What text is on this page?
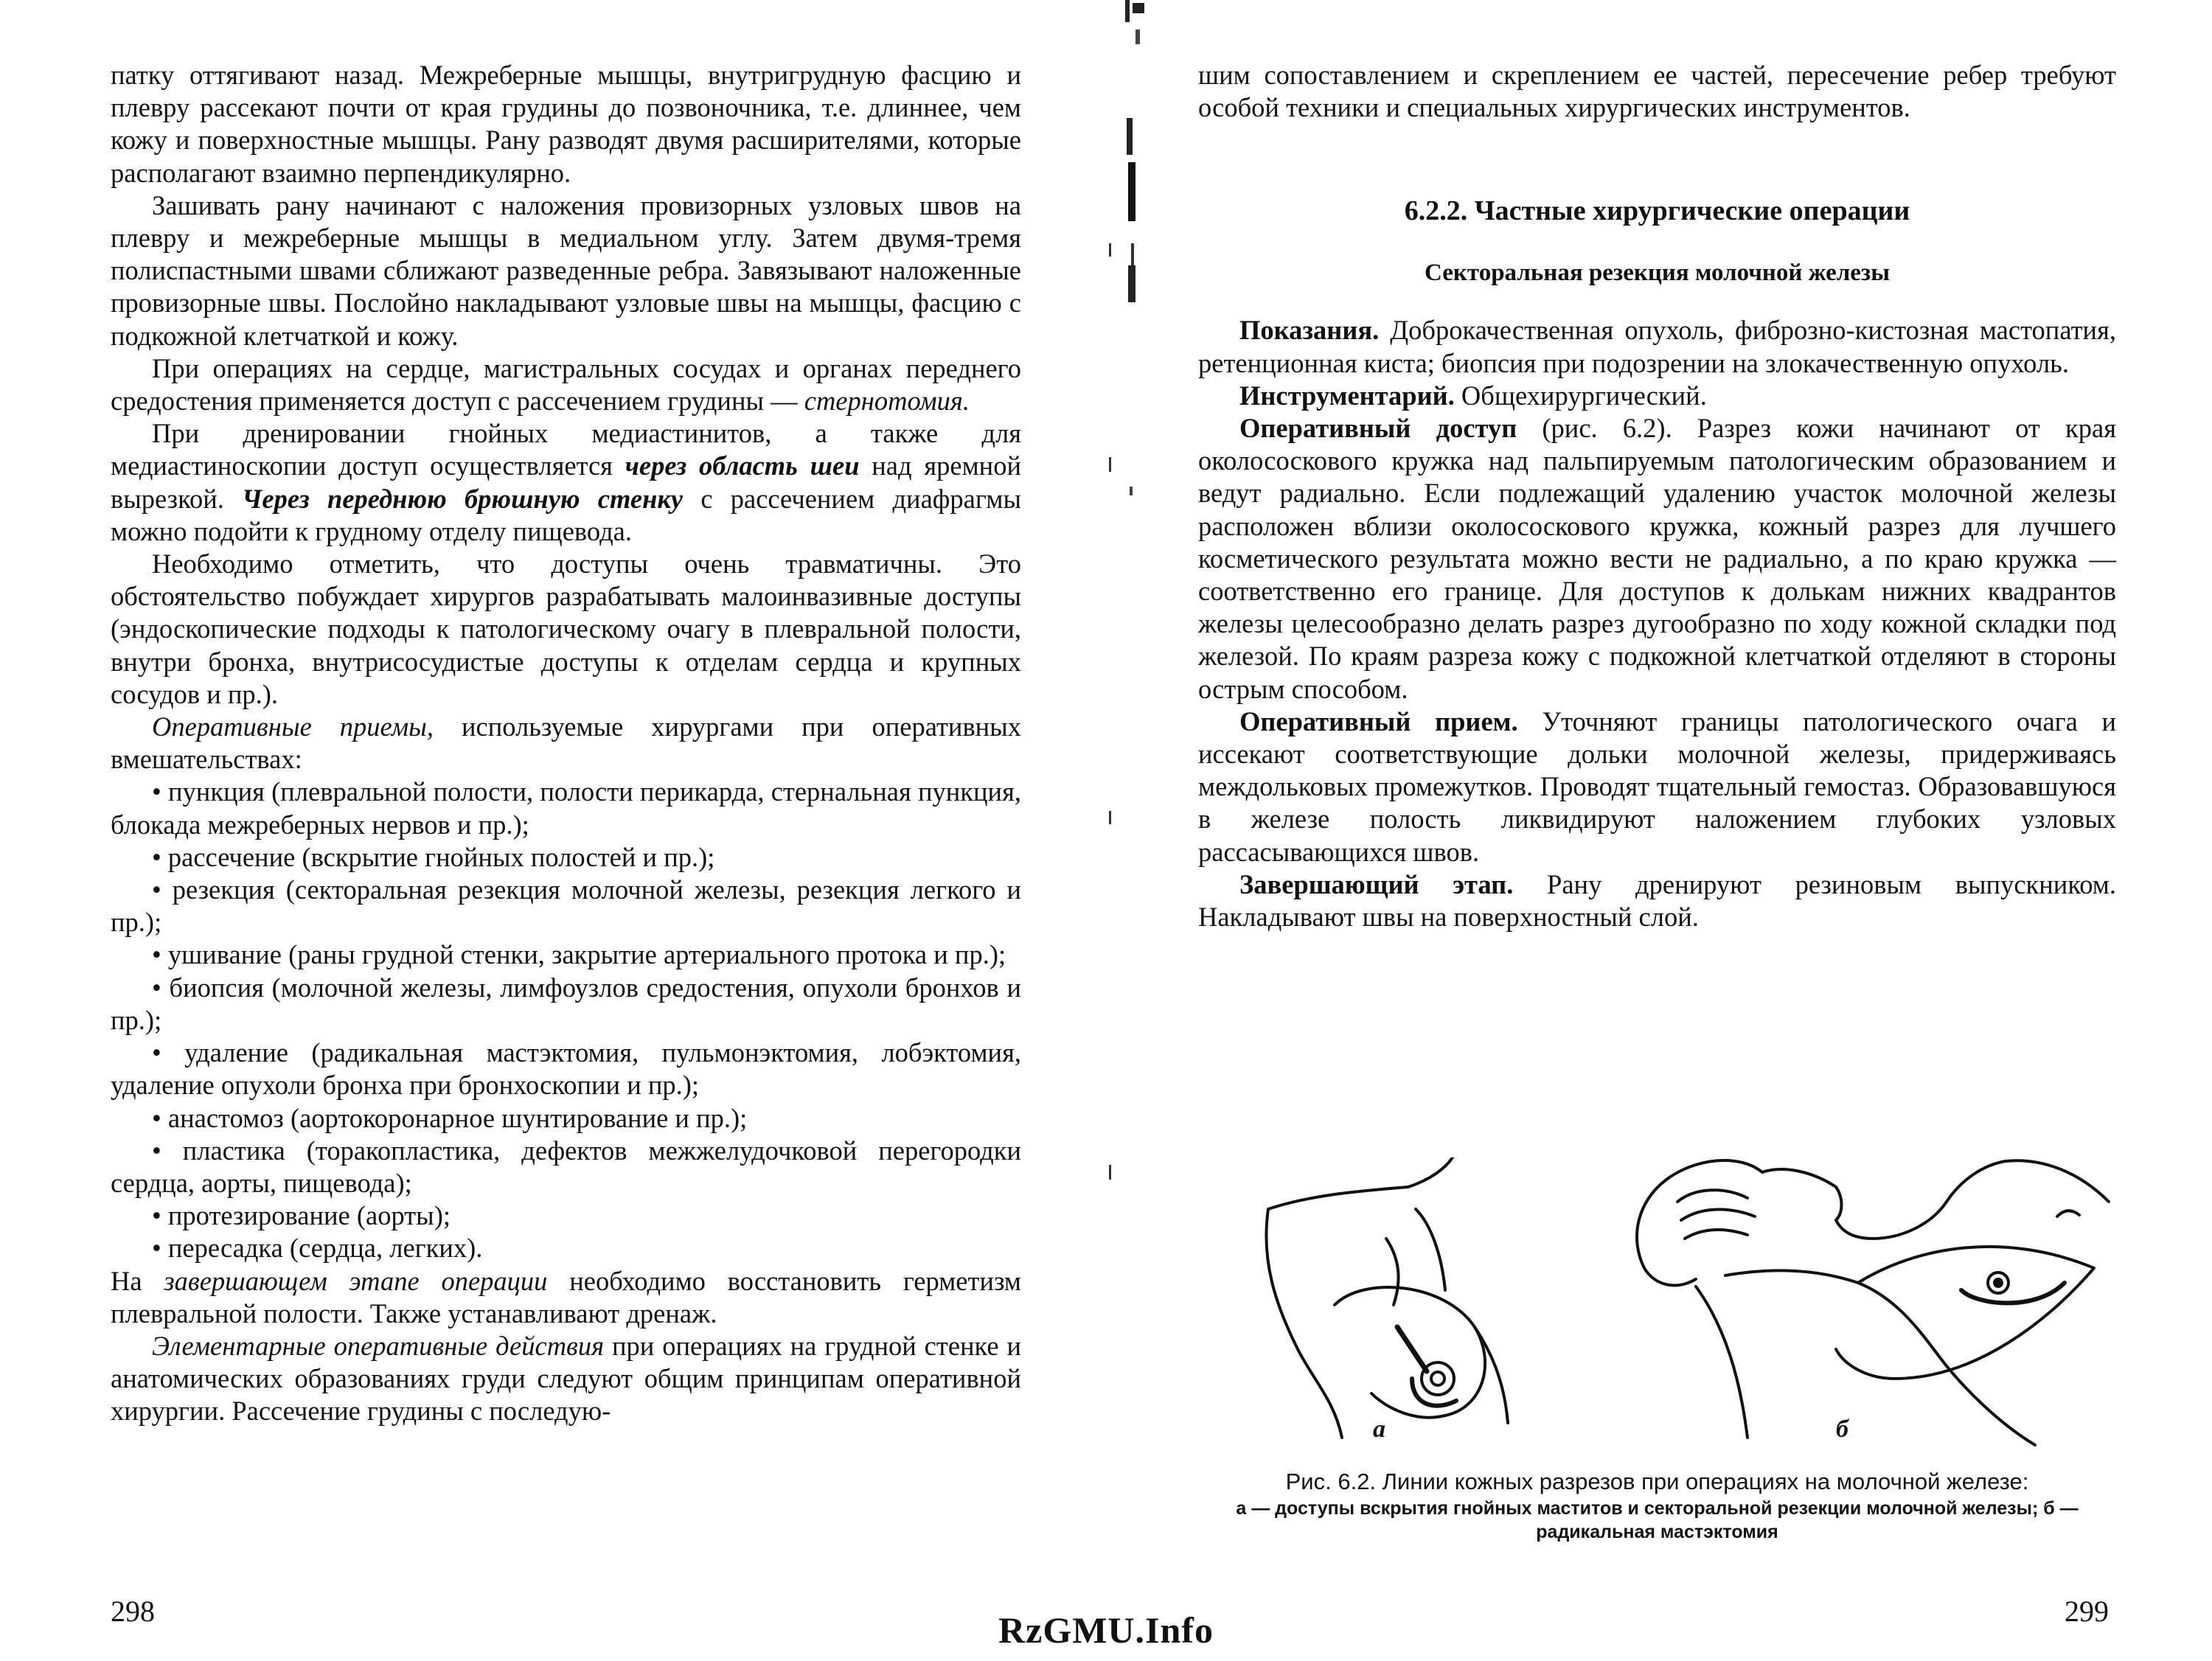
патку оттягивают назад. Межреберные мышцы, внутригрудную фасцию и плевру рассекают почти от края грудины до позвоночника, т.е. длиннее, чем кожу и поверхностные мышцы. Рану разводят двумя расширителями, которые располагают взаимно перпендикулярно.

Зашивать рану начинают с наложения провизорных узловых швов на плевру и межреберные мышцы в медиальном углу. Затем двумя-тремя полиспастными швами сближают разведенные ребра. Завязывают наложенные провизорные швы. Послойно накладывают узловые швы на мышцы, фасцию с подкожной клетчаткой и кожу.

При операциях на сердце, магистральных сосудах и органах переднего средостения применяется доступ с рассечением грудины — стернотомия.

При дренировании гнойных медиастинитов, а также для медиастиноскопии доступ осуществляется через область шеи над яремной вырезкой. Через переднюю брюшную стенку с рассечением диафрагмы можно подойти к грудному отделу пищевода.

Необходимо отметить, что доступы очень травматичны. Это обстоятельство побуждает хирургов разрабатывать малоинвазивные доступы (эндоскопические подходы к патологическому очагу в плевральной полости, внутри бронха, внутрисосудистые доступы к отделам сердца и крупных сосудов и пр.).

Оперативные приемы, используемые хирургами при оперативных вмешательствах:

• пункция (плевральной полости, полости перикарда, стернальная пункция, блокада межреберных нервов и пр.);

• рассечение (вскрытие гнойных полостей и пр.);

• резекция (секторальная резекция молочной железы, резекция легкого и пр.);

• ушивание (раны грудной стенки, закрытие артериального протока и пр.);

• биопсия (молочной железы, лимфоузлов средостения, опухоли бронхов и пр.);

• удаление (радикальная мастэктомия, пульмонэктомия, лобэктомия, удаление опухоли бронха при бронхоскопии и пр.);

• анастомоз (аортокоронарное шунтирование и пр.);

• пластика (торакопластика, дефектов межжелудочковой перегородки сердца, аорты, пищевода);

• протезирование (аорты);

• пересадка (сердца, легких).

На завершающем этапе операции необходимо восстановить герметизм плевральной полости. Также устанавливают дренаж.

Элементарные оперативные действия при операциях на грудной стенке и анатомических образованиях груди следуют общим принципам оперативной хирургии. Рассечение грудины с последую-

298

шим сопоставлением и скреплением ее частей, пересечение ребер требуют особой техники и специальных хирургических инструментов.

6.2.2. Частные хирургические операции
Секторальная резекция молочной железы

Показания. Доброкачественная опухоль, фиброзно-кистозная мастопатия, ретенционная киста; биопсия при подозрении на злокачественную опухоль.

Инструментарий. Общехирургический.

Оперативный доступ (рис. 6.2). Разрез кожи начинают от края околососкового кружка над пальпируемым патологическим образованием и ведут радиально. Если подлежащий удалению участок молочной железы расположен вблизи околососкового кружка, кожный разрез для лучшего косметического результата можно вести не радиально, а по краю кружка — соответственно его границе. Для доступов к долькам нижних квадрантов железы целесообразно делать разрез дугообразно по ходу кожной складки под железой. По краям разреза кожу с подкожной клетчаткой отделяют в стороны острым способом.

Оперативный прием. Уточняют границы патологического очага и иссекают соответствующие дольки молочной железы, придерживаясь междольковых промежутков. Проводят тщательный гемостаз. Образовавшуюся в железе полость ликвидируют наложением глубоких узловых рассасывающихся швов.

Завершающий этап. Рану дренируют резиновым выпускником. Накладывают швы на поверхностный слой.

а	б
Рис. 6.2. Линии кожных разрезов при операциях на молочной железе:
а — доступы вскрытия гнойных маститов и секторальной резекции молочной железы; б — радикальная мастэктомия
299
RzGMU.Info
